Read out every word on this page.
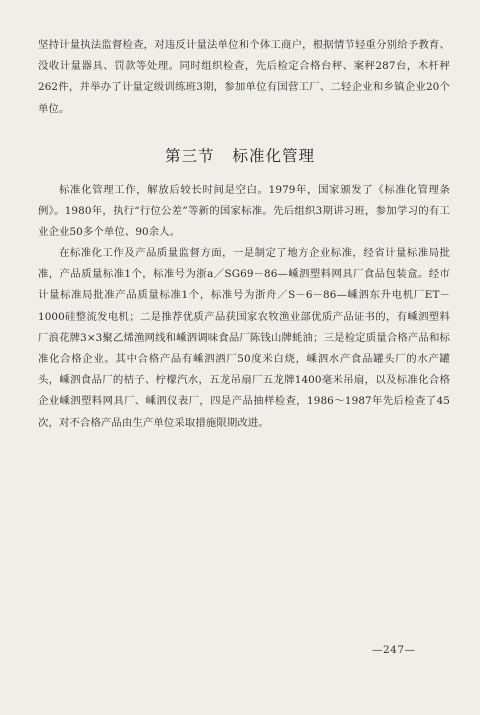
坚持计量执法监督检查，对违反计量法单位和个体工商户，根据情节轻重分别给予教育、没收计量器具、罚款等处理。同时组织检查，先后检定合格台秤、案秤287台，木杆秤262件，并举办了计量定级训练班3期，参加单位有国营工厂、二轻企业和乡镇企业20个单位。

第三节 标准化管理

标准化管理工作，解放后较长时间是空白。1979年，国家颁发了《标准化管理条例》。1980年，执行“行位公差”等新的国家标准。先后组织3期讲习班，参加学习的有工业企业50多个单位、90余人。

在标准化工作及产品质量监督方面，一是制定了地方企业标准，经省计量标准局批准，产品质量标准1个，标准号为浙a／SG69－86—嵊泗塑料网具厂食品包装盒。经市计量标准局批准产品质量标准1个，标准号为浙舟／S－6－86—嵊泗东升电机厂ET－1000硅整流发电机；二是推荐优质产品获国家农牧渔业部优质产品证书的，有嵊泗塑料厂浪花牌3×3聚乙烯渔网线和嵊泗调味食品厂陈钱山牌蚝油；三是检定质量合格产品和标准化合格企业。其中合格产品有嵊泗酒厂50度米白烧，嵊泗水产食品罐头厂的水产罐头，嵊泗食品厂的桔子、柠檬汽水，五龙吊扇厂五龙牌1400毫米吊扇，以及标准化合格企业嵊泗塑料网具厂、嵊泗仪表厂，四是产品抽样检查，1986～1987年先后检查了45次，对不合格产品由生产单位采取措施限期改进。

—247—
